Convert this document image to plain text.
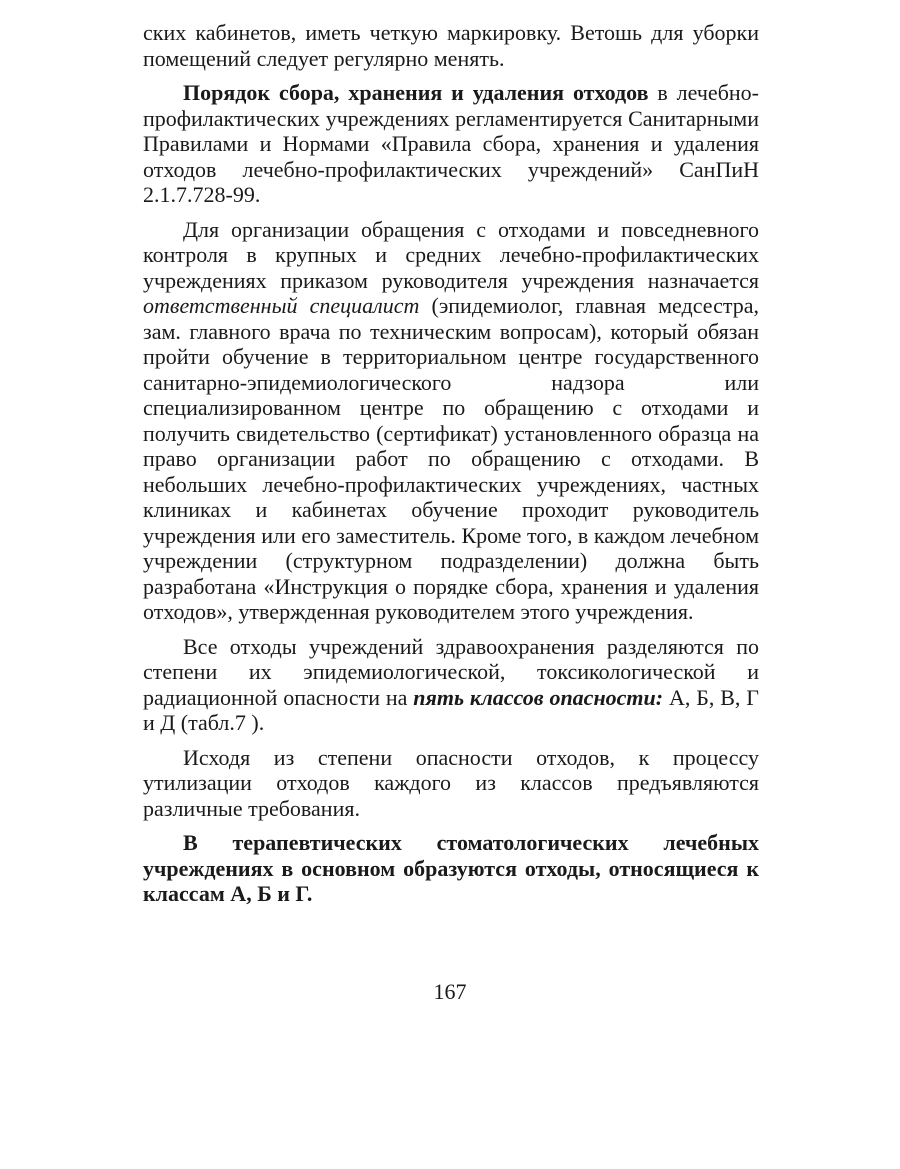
ских кабинетов, иметь четкую маркировку. Ветошь для уборки помещений следует регулярно менять.

Порядок сбора, хранения и удаления отходов в лечебно-профилактических учреждениях регламентируется Санитарными Правилами и Нормами «Правила сбора, хранения и удаления отходов лечебно-профилактических учреждений» СанПиН 2.1.7.728-99.

Для организации обращения с отходами и повседневного контроля в крупных и средних лечебно-профилактических учреждениях приказом руководителя учреждения назначается ответственный специалист (эпидемиолог, главная медсестра, зам. главного врача по техническим вопросам), который обязан пройти обучение в территориальном центре государственного санитарно-эпидемиологического надзора или специализированном центре по обращению с отходами и получить свидетельство (сертификат) установленного образца на право организации работ по обращению с отходами. В небольших лечебно-профилактических учреждениях, частных клиниках и кабинетах обучение проходит руководитель учреждения или его заместитель. Кроме того, в каждом лечебном учреждении (структурном подразделении) должна быть разработана «Инструкция о порядке сбора, хранения и удаления отходов», утвержденная руководителем этого учреждения.

Все отходы учреждений здравоохранения разделяются по степени их эпидемиологической, токсикологической и радиационной опасности на пять классов опасности: А, Б, В, Г и Д (табл.7 ).

Исходя из степени опасности отходов, к процессу утилизации отходов каждого из классов предъявляются различные требования.

В терапевтических стоматологических лечебных учреждениях в основном образуются отходы, относящиеся к классам А, Б и Г.

167
